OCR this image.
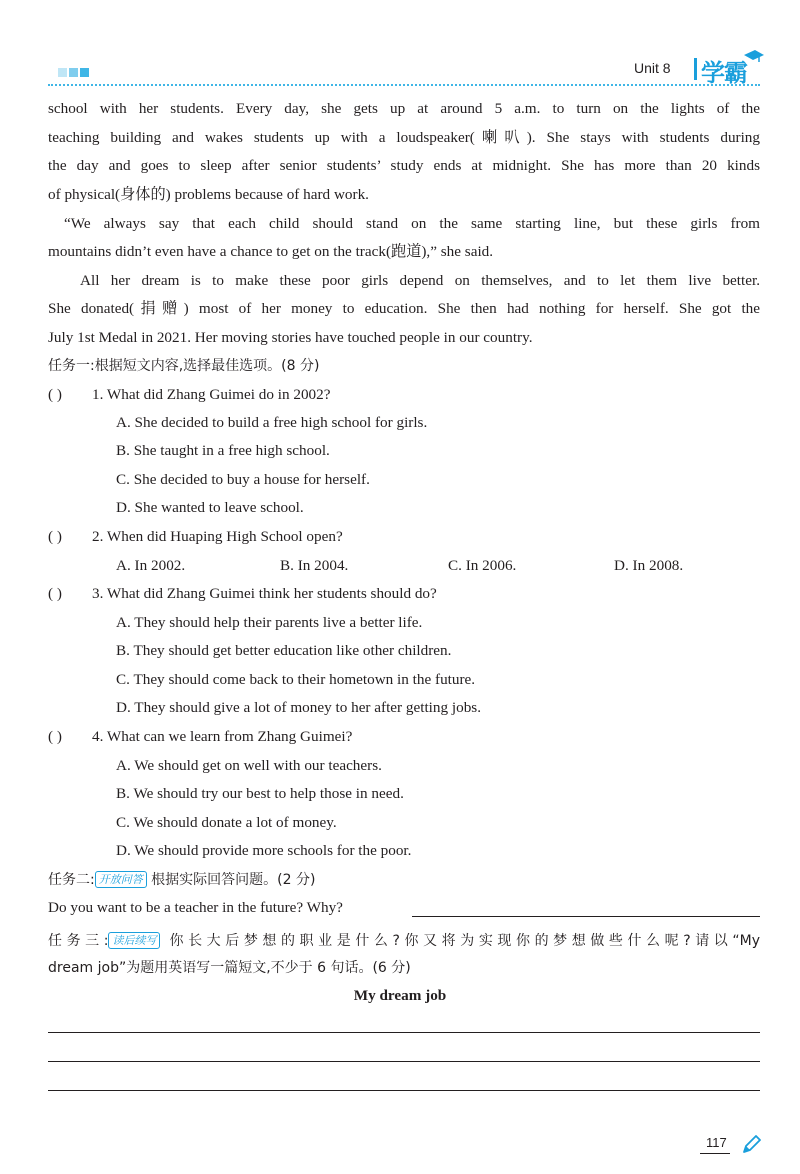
Unit 8 学霸
school with her students. Every day, she gets up at around 5 a.m. to turn on the lights of the
teaching building and wakes students up with a loudspeaker(喇叭). She stays with students during
the day and goes to sleep after senior students’ study ends at midnight. She has more than 20 kinds
of physical(身体的) problems because of hard work.
“We always say that each child should stand on the same starting line, but these girls from
mountains didn’t even have a chance to get on the track(跑道),” she said.
All her dream is to make these poor girls depend on themselves, and to let them live better.
She donated(捐赠) most of her money to education. She then had nothing for herself. She got the
July 1st Medal in 2021. Her moving stories have touched people in our country.
任务一:根据短文内容,选择最佳选项。(8 分)
( ) 1. What did Zhang Guimei do in 2002?
A. She decided to build a free high school for girls.
B. She taught in a free high school.
C. She decided to buy a house for herself.
D. She wanted to leave school.
( ) 2. When did Huaping High School open?
A. In 2002.	B. In 2004.	C. In 2006.	D. In 2008.
( ) 3. What did Zhang Guimei think her students should do?
A. They should help their parents live a better life.
B. They should get better education like other children.
C. They should come back to their hometown in the future.
D. They should give a lot of money to her after getting jobs.
( ) 4. What can we learn from Zhang Guimei?
A. We should get on well with our teachers.
B. We should try our best to help those in need.
C. We should donate a lot of money.
D. We should provide more schools for the poor.
任务二: 开放问答 根据实际回答问题。(2 分)
Do you want to be a teacher in the future? Why?
任务三: 读后续写 你长大后梦想的职业是什么?你又将为实现你的梦想做些什么呢?请以“My
dream job”为题用英语写一篇短文,不少于 6 句话。(6 分)
My dream job
117
